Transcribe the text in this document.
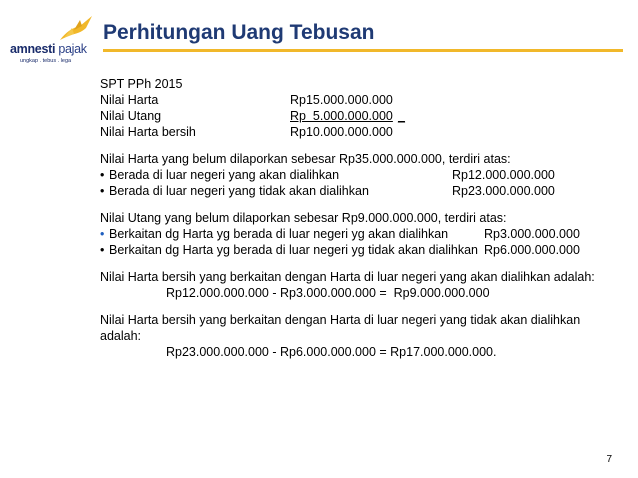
amnesti pajak
ungkap . tebus . lega
Perhitungan Uang Tebusan
SPT PPh 2015
Nilai Harta	Rp15.000.000.000
Nilai Utang	Rp  5.000.000.000 _
Nilai Harta bersih	Rp10.000.000.000
Nilai Harta yang belum dilaporkan sebesar Rp35.000.000.000, terdiri atas:
• Berada di luar negeri yang akan dialihkan	Rp12.000.000.000
• Berada di luar negeri yang tidak akan dialihkan	Rp23.000.000.000
Nilai Utang yang belum dilaporkan sebesar Rp9.000.000.000, terdiri atas:
• Berkaitan dg Harta yg berada di luar negeri yg akan dialihkan	Rp3.000.000.000
• Berkaitan dg Harta yg berada di luar negeri yg tidak akan dialihkan Rp6.000.000.000
Nilai Harta bersih yang berkaitan dengan Harta di luar negeri yang akan dialihkan adalah:
Rp12.000.000.000 - Rp3.000.000.000 =  Rp9.000.000.000
Nilai Harta bersih yang berkaitan dengan Harta di luar negeri yang tidak akan dialihkan
adalah:
Rp23.000.000.000 - Rp6.000.000.000 = Rp17.000.000.000.
7
